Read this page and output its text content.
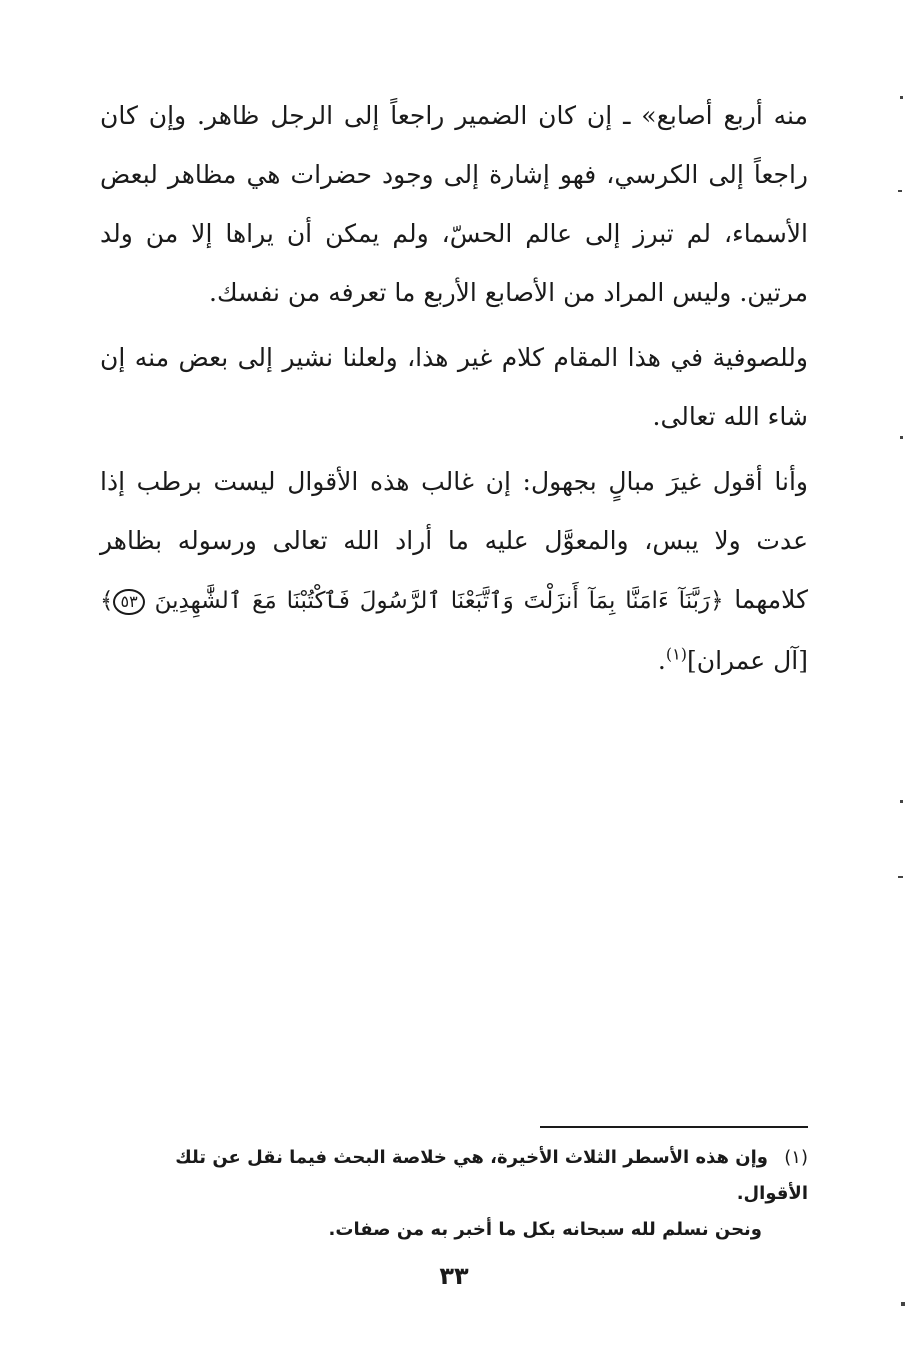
منه أربع أصابع» ـ إن كان الضمير راجعاً إلى الرجل ظاهر. وإن كان راجعاً إلى الكرسي، فهو إشارة إلى وجود حضرات هي مظاهر لبعض الأسماء، لم تبرز إلى عالم الحسّ، ولم يمكن أن يراها إلا من ولد مرتين. وليس المراد من الأصابع الأربع ما تعرفه من نفسك.

وللصوفية في هذا المقام كلام غير هذا، ولعلنا نشير إلى بعض منه إن شاء الله تعالى.

وأنا أقول غيرَ مبالٍ بجهول: إن غالب هذه الأقوال ليست برطب إذا عدت ولا يبس، والمعوَّل عليه ما أراد الله تعالى ورسوله بظاهر كلامهما ﴿رَبَّنَآ ءَامَنَّا بِمَآ أَنزَلْتَ وَٱتَّبَعْنَا ٱلرَّسُولَ فَٱكْتُبْنَا مَعَ ٱلشَّٰهِدِينَ ٥٣﴾ [آل عمران]$^{(١)}$.

(١) وإن هذه الأسطر الثلاث الأخيرة، هي خلاصة البحث فيما نقل عن تلك الأقوال.
ونحن نسلم لله سبحانه بكل ما أخبر به من صفات.
٣٣
